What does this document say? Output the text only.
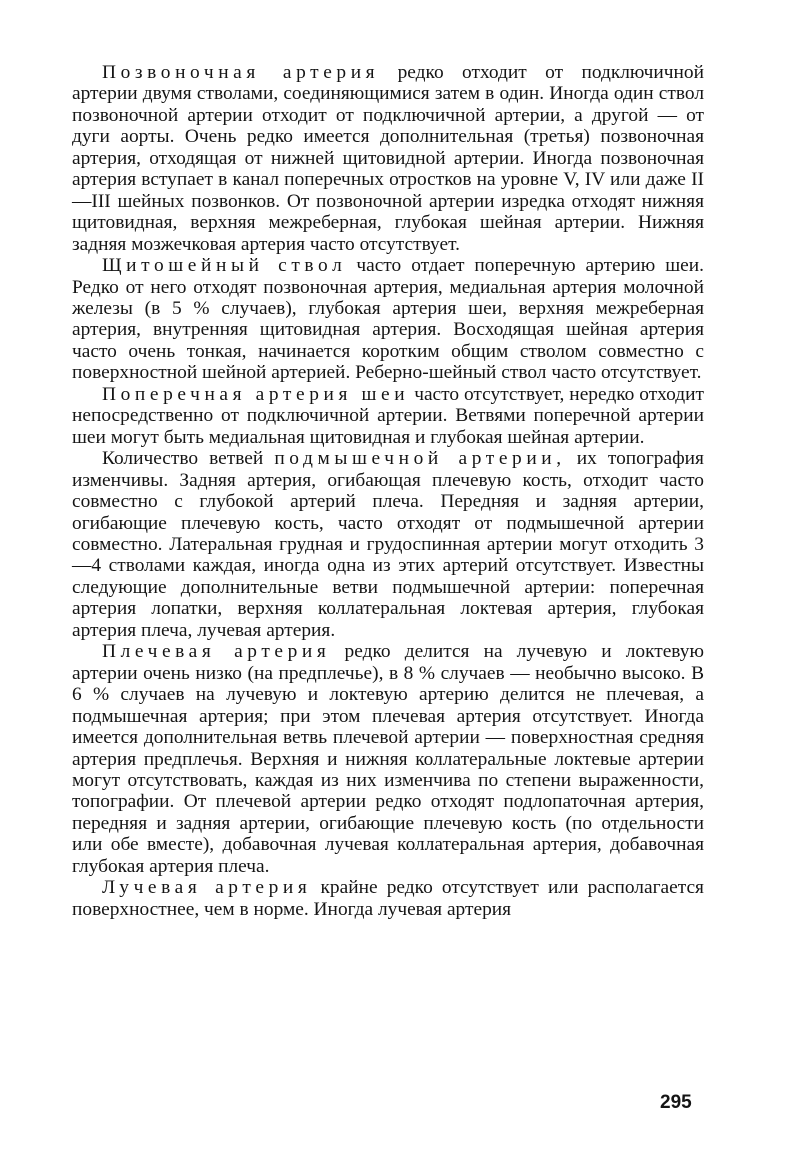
Позвоночная артерия редко отходит от подключичной артерии двумя стволами, соединяющимися затем в один. Иногда один ствол позвоночной артерии отходит от подключичной артерии, а другой — от дуги аорты. Очень редко имеется дополнительная (третья) позвоночная артерия, отходящая от нижней щитовидной артерии. Иногда позвоночная артерия вступает в канал поперечных отростков на уровне V, IV или даже II—III шейных позвонков. От позвоночной артерии изредка отходят нижняя щитовидная, верхняя межреберная, глубокая шейная артерии. Нижняя задняя мозжечковая артерия часто отсутствует.

Щитошейный ствол часто отдает поперечную артерию шеи. Редко от него отходят позвоночная артерия, медиальная артерия молочной железы (в 5 % случаев), глубокая артерия шеи, верхняя межреберная артерия, внутренняя щитовидная артерия. Восходящая шейная артерия часто очень тонкая, начинается коротким общим стволом совместно с поверхностной шейной артерией. Реберно-шейный ствол часто отсутствует.

Поперечная артерия шеи часто отсутствует, нередко отходит непосредственно от подключичной артерии. Ветвями поперечной артерии шеи могут быть медиальная щитовидная и глубокая шейная артерии.

Количество ветвей подмышечной артерии, их топография изменчивы. Задняя артерия, огибающая плечевую кость, отходит часто совместно с глубокой артерий плеча. Передняя и задняя артерии, огибающие плечевую кость, часто отходят от подмышечной артерии совместно. Латеральная грудная и грудоспинная артерии могут отходить 3—4 стволами каждая, иногда одна из этих артерий отсутствует. Известны следующие дополнительные ветви подмышечной артерии: поперечная артерия лопатки, верхняя коллатеральная локтевая артерия, глубокая артерия плеча, лучевая артерия.

Плечевая артерия редко делится на лучевую и локтевую артерии очень низко (на предплечье), в 8 % случаев — необычно высоко. В 6 % случаев на лучевую и локтевую артерию делится не плечевая, а подмышечная артерия; при этом плечевая артерия отсутствует. Иногда имеется дополнительная ветвь плечевой артерии — поверхностная средняя артерия предплечья. Верхняя и нижняя коллатеральные локтевые артерии могут отсутствовать, каждая из них изменчива по степени выраженности, топографии. От плечевой артерии редко отходят подлопаточная артерия, передняя и задняя артерии, огибающие плечевую кость (по отдельности или обе вместе), добавочная лучевая коллатеральная артерия, добавочная глубокая артерия плеча.

Лучевая артерия крайне редко отсутствует или располагается поверхностнее, чем в норме. Иногда лучевая артерия

295
